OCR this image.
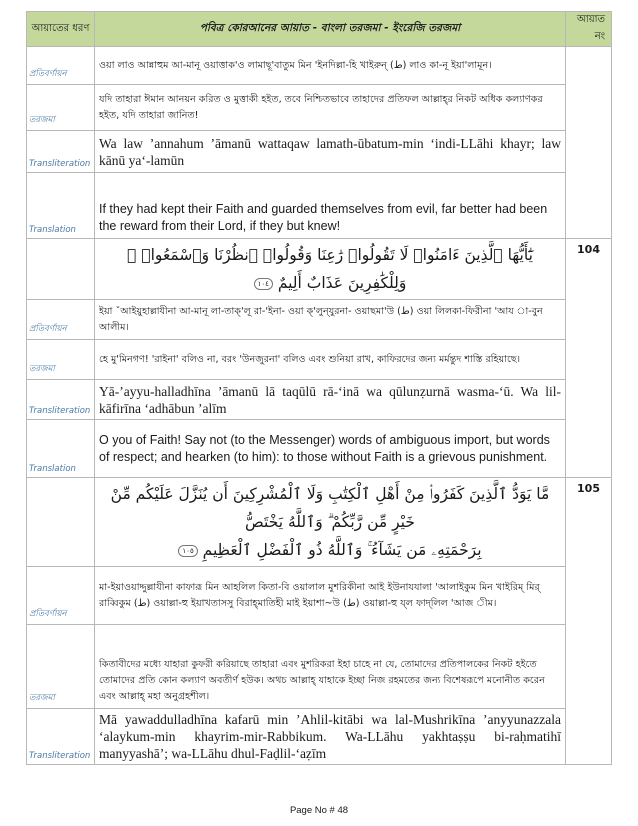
আয়াতের ধরণ	পবিত্র কোরআনের আয়াত - বাংলা তরজমা - ইংরেজি তরজমা	আয়াত নং
প্রতিবর্ণায়ন	ওয়া লাও আন্নাহুম আ-মানূ ওয়াত্তাক'ও লামাছূ'বাতুম মিন 'ইনদিল্লা-হি খাইরুন্‌ (ط) লাও কা-নূ ইয়া'লামূন।	
তরজমা	যদি তাহারা ঈমান আনয়ন করিত ও মুত্তাকী হইত, তবে নিশ্চিতভাবে তাহাদের প্রতিফল আল্লাহ্‌র নিকট অধিক কল্যাণকর হইত, যদি তাহারা জানিত!	
Transliteration	Wa law ’annahum ’āmanū wattaqaw lamath-ūbatum-min ‘indi-LLāhi khayr; law kānū ya‘-lamūn	
Translation	If they had kept their Faith and guarded themselves from evil, far better had been the reward from their Lord, if they but knew!	
	يَٰٓأَيُّهَا ٱلَّذِينَ ءَامَنُوا۟ لَا تَقُولُوا۟ رَٰعِنَا وَقُولُوا۟ ٱنظُرْنَا وَٱسْمَعُوا۟ ۗ وَلِلْكَٰفِرِينَ عَذَابٌ أَلِيمٌ ١٠٤	104
প্রতিবর্ণায়ন	ইয়া ˇআইয়ুহাল্লাযীনা আ-মানূ লা-তাক্‌'লূ রা-'ইনা- ওয়া ক্‌'লুন্‌যুরনা- ওয়াছমা'উ (ط) ওয়া লিলকা-ফিরীনা 'আয া-বুন আলীম।	
তরজমা	হে মু'মিনগণ! 'রাইনা' বলিও না, বরং 'উনজুরনা' বলিও এবং শুনিয়া রাখ, কাফিরদের জন্য মর্মন্তুদ শাস্তি রহিয়াছে।	
Transliteration	Yā-’ayyu-halladhīna ’āmanū lā taqūlū rā-‘inā wa qūlunẓurnā wasma-‘ū. Wa lil- kāfirīna ‘adhābun ’alīm	
Translation	O you of Faith! Say not (to the Messenger) words of ambiguous import, but words of respect; and hearken (to him): to those without Faith is a grievous punishment.	
	مَّا يَوَدُّ ٱلَّذِينَ كَفَرُوا۟ مِنْ أَهْلِ ٱلْكِتَٰبِ وَلَا ٱلْمُشْرِكِينَ أَن يُنَزَّلَ عَلَيْكُم مِّنْ خَيْرٍ مِّن رَّبِّكُمْ ۗ وَٱللَّهُ يَخْتَصُّ
بِرَحْمَتِهِۦ مَن يَشَآءُ ۚ وَٱللَّهُ ذُو ٱلْفَضْلِ ٱلْعَظِيمِ ١٠٥	105
প্রতিবর্ণায়ন	মা-ইয়াওয়াদ্দুল্লাযীনা কাফারূ মিন আহলিল কিতা-বি ওয়ালাল মুশরিকীনা আই ইউনাযযালা 'আলাইকুম মিন খাইরিম্‌ মির্‌ রাব্বিকুম (ط) ওয়াল্লা-হু ইয়াখতাসসু বিরাহ্‌মাতিহী মাই ইয়াশা~উ (ط) ওয়াল্লা-হু য্‌ল ফাদ্‌লিল 'আজ ীম।	
তরজমা	কিতাবীদের মধ্যে যাহারা কুফরী করিয়াছে তাহারা এবং মুশরিকরা ইহা চাহে না যে, তোমাদের প্রতিপালকের নিকট হইতে তোমাদের প্রতি কোন কল্যাণ অবতীর্ণ হউক। অথচ আল্লাহ্‌ যাহাকে ইচ্ছা নিজ রহমতের জন্য বিশেষরূপে মনোনীত করেন এবং আল্লাহ্‌ মহা অনুগ্রহশীল।	
Transliteration	Mā yawaddulladhīna kafarū min ’Ahlil-kitābi wa lal-Mushrikīna ’anyyunazzala ‘alaykum-min khayrim-mir-Rabbikum. Wa-LLāhu yakhtaṣṣu bi-raḥmatihī manyyashā’; wa-LLāhu dhul-Faḍlil-‘aẓīm	
Page No # 48
